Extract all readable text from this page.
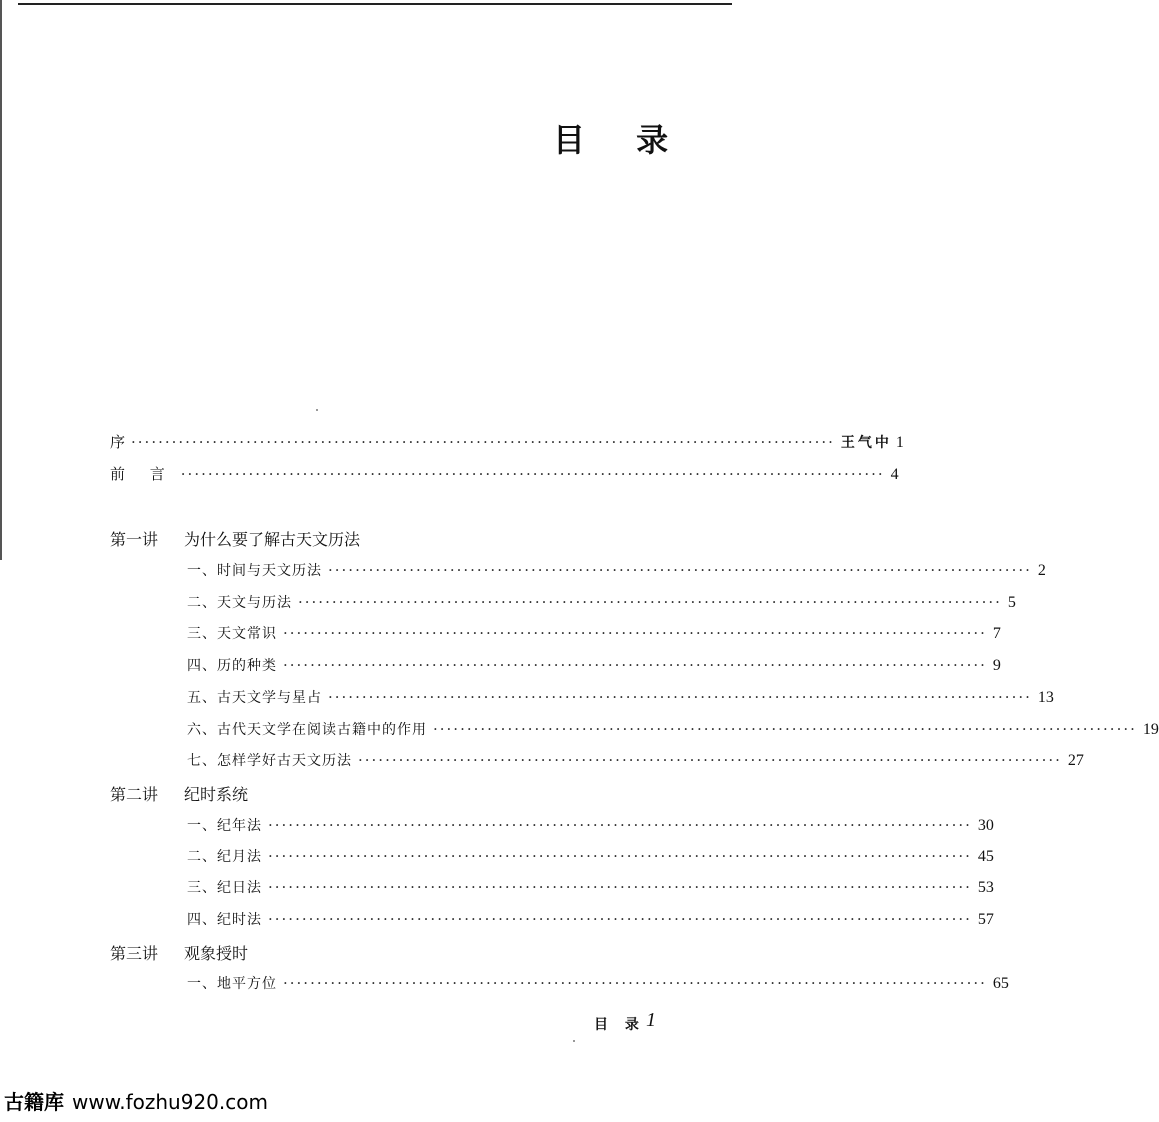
目 录
序 ········································································································ 王气中 1
前 言 ········································································································ 4
第一讲	为什么要了解古天文历法
一、时间与天文历法 ········································································································ 2
二、天文与历法 ········································································································ 5
三、天文常识 ········································································································ 7
四、历的种类 ········································································································ 9
五、古天文学与星占 ········································································································ 13
六、古代天文学在阅读古籍中的作用 ········································································································ 19
七、怎样学好古天文历法 ········································································································ 27
第二讲	纪时系统
一、纪年法 ········································································································ 30
二、纪月法 ········································································································ 45
三、纪日法 ········································································································ 53
四、纪时法 ········································································································ 57
第三讲	观象授时
一、地平方位 ········································································································ 65
目 录 1
古籍库 www.fozhu920.com
